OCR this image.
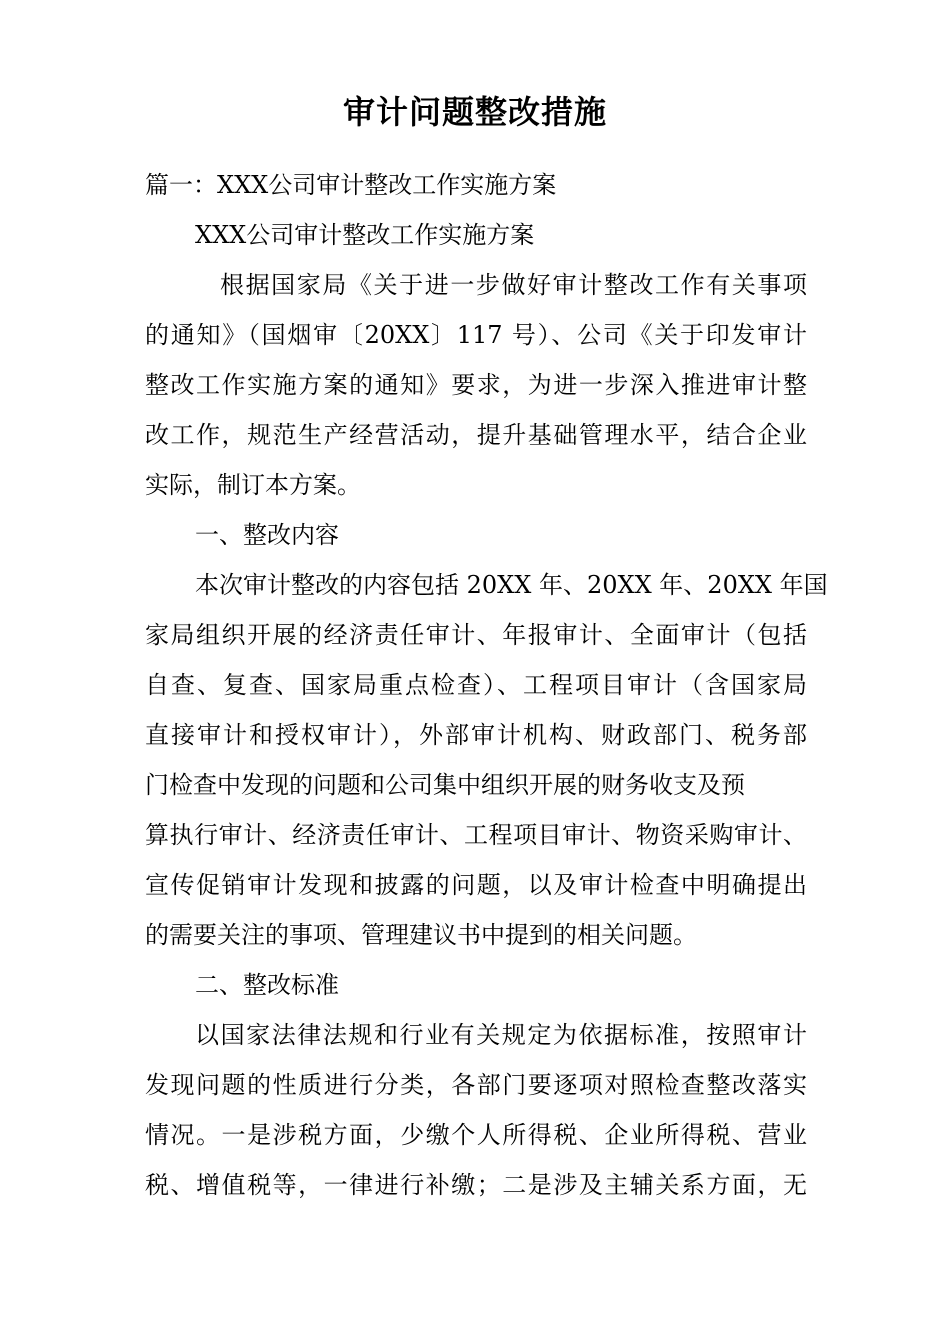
审计问题整改措施
篇一：XXX公司审计整改工作实施方案
XXX公司审计整改工作实施方案
根据国家局《关于进一步做好审计整改工作有关事项
的通知》（国烟审〔20XX〕117 号）、公司《关于印发审计
整改工作实施方案的通知》要求，为进一步深入推进审计整
改工作，规范生产经营活动，提升基础管理水平，结合企业
实际，制订本方案。
一、整改内容
本次审计整改的内容包括 20XX 年、20XX 年、20XX 年国
家局组织开展的经济责任审计、年报审计、全面审计（包括
自查、复查、国家局重点检查）、工程项目审计（含国家局
直接审计和授权审计），外部审计机构、财政部门、税务部
门检查中发现的问题和公司集中组织开展的财务收支及预
算执行审计、经济责任审计、工程项目审计、物资采购审计、
宣传促销审计发现和披露的问题，以及审计检查中明确提出
的需要关注的事项、管理建议书中提到的相关问题。
二、整改标准
以国家法律法规和行业有关规定为依据标准，按照审计
发现问题的性质进行分类，各部门要逐项对照检查整改落实
情况。一是涉税方面，少缴个人所得税、企业所得税、营业
税、增值税等，一律进行补缴；二是涉及主辅关系方面，无
